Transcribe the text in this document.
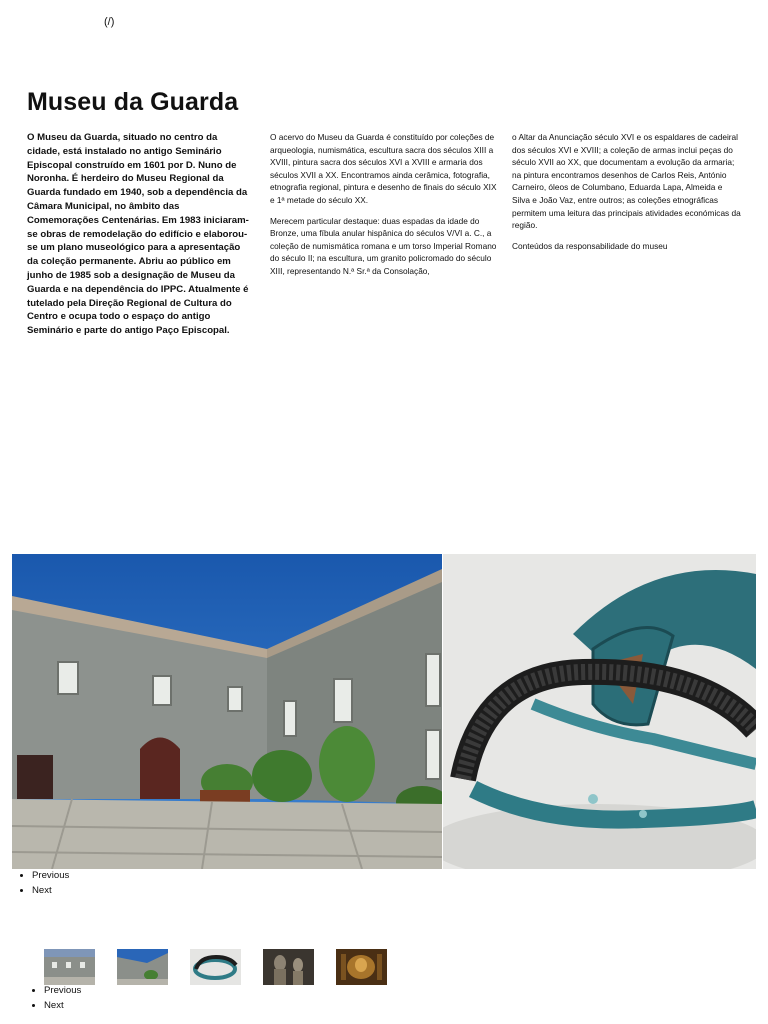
(/)
Museu da Guarda

O Museu da Guarda, situado no centro da cidade, está instalado no antigo Seminário Episcopal construído em 1601 por D. Nuno de Noronha. É herdeiro do Museu Regional da Guarda fundado em 1940, sob a dependência da Câmara Municipal, no âmbito das Comemorações Centenárias. Em 1983 iniciaram-se obras de remodelação do edifício e elaborou-se um plano museológico para a apresentação da coleção permanente. Abriu ao público em junho de 1985 sob a designação de Museu da Guarda e na dependência do IPPC. Atualmente é tutelado pela Direção Regional de Cultura do Centro e ocupa todo o espaço do antigo Seminário e parte do antigo Paço Episcopal.

O acervo do Museu da Guarda é constituído por coleções de arqueologia, numismática, escultura sacra dos séculos XIII a XVIII, pintura sacra dos séculos XVI a XVIII e armaria dos séculos XVII a XX. Encontramos ainda cerâmica, fotografia, etnografia regional, pintura e desenho de finais do século XIX e 1ª metade do século XX.

Merecem particular destaque: duas espadas da idade do Bronze, uma fíbula anular hispânica do séculos V/VI a. C., a coleção de numismática romana e um torso Imperial Romano do século II; na escultura, um granito policromado do século XIII, representando N.ª Sr.ª da Consolação,

o Altar da Anunciação século XVI e os espaldares de cadeiral dos séculos XVI e XVIII; a coleção de armas inclui peças do século XVII ao XX, que documentam a evolução da armaria; na pintura encontramos desenhos de Carlos Reis, António Carneiro, óleos de Columbano, Eduarda Lapa, Almeida e Silva e João Vaz, entre outros; as coleções etnográficas permitem uma leitura das principais atividades económicas da região.

Conteúdos da responsabilidade do museu

• Previous
• Next
• Previous
• Next
